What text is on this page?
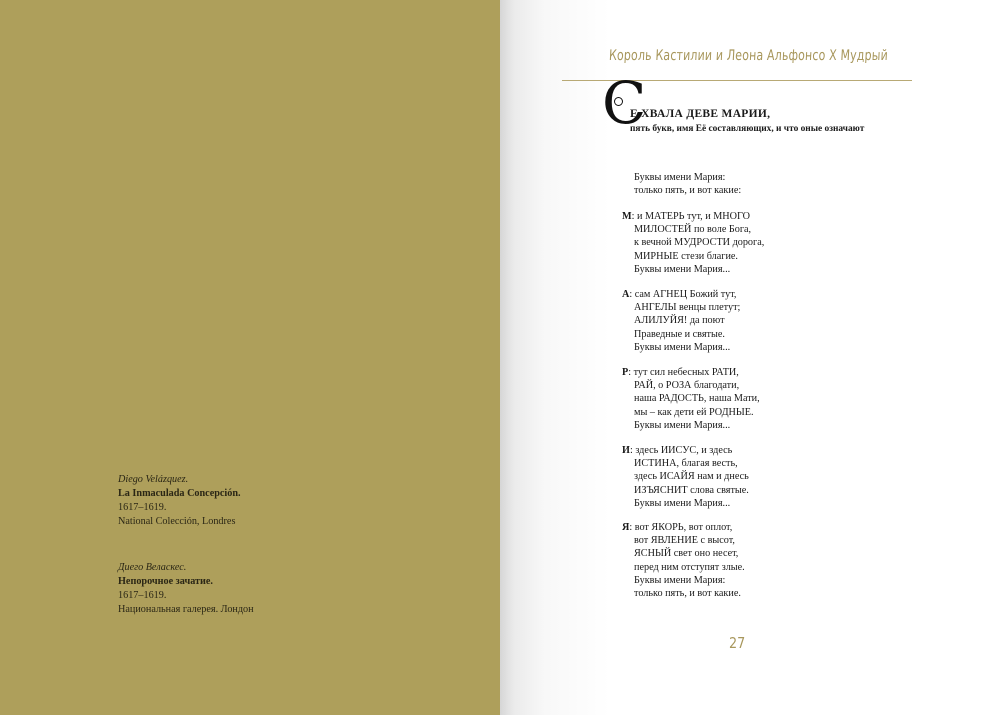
Diego Velázquez.
La Inmaculada Concepción.
1617–1619.
National Colección, Londres
Диего Веласкес.
Непорочное зачатие.
1617–1619.
Национальная галерея. Лондон
Король Кастилии и Леона Альфонсо X Мудрый
С
Е ХВАЛА ДЕВЕ МАРИИ,
пять букв, имя Её составляющих, и что оные означают
Буквы имени Мария:
только пять, и вот какие:
М: и МАТЕРЬ тут, и МНОГО
МИЛОСТЕЙ по воле Бога,
к вечной МУДРОСТИ дорога,
МИРНЫЕ стези благие.
Буквы имени Мария...
А: сам АГНЕЦ Божий тут,
АНГЕЛЫ венцы плетут;
АЛИЛУЙЯ! да поют
Праведные и святые.
Буквы имени Мария...
Р: тут сил небесных РАТИ,
РАЙ, о РОЗА благодати,
наша РАДОСТЬ, наша Мати,
мы – как дети ей РОДНЫЕ.
Буквы имени Мария...
И: здесь ИИСУС, и здесь
ИСТИНА, благая весть,
здесь ИСАЙЯ нам и днесь
ИЗЪЯСНИТ слова святые.
Буквы имени Мария...
Я: вот ЯКОРЬ, вот оплот,
вот ЯВЛЕНИЕ с высот,
ЯСНЫЙ свет оно несет,
перед ним отступят злые.
Буквы имени Мария:
только пять, и вот какие.
27
